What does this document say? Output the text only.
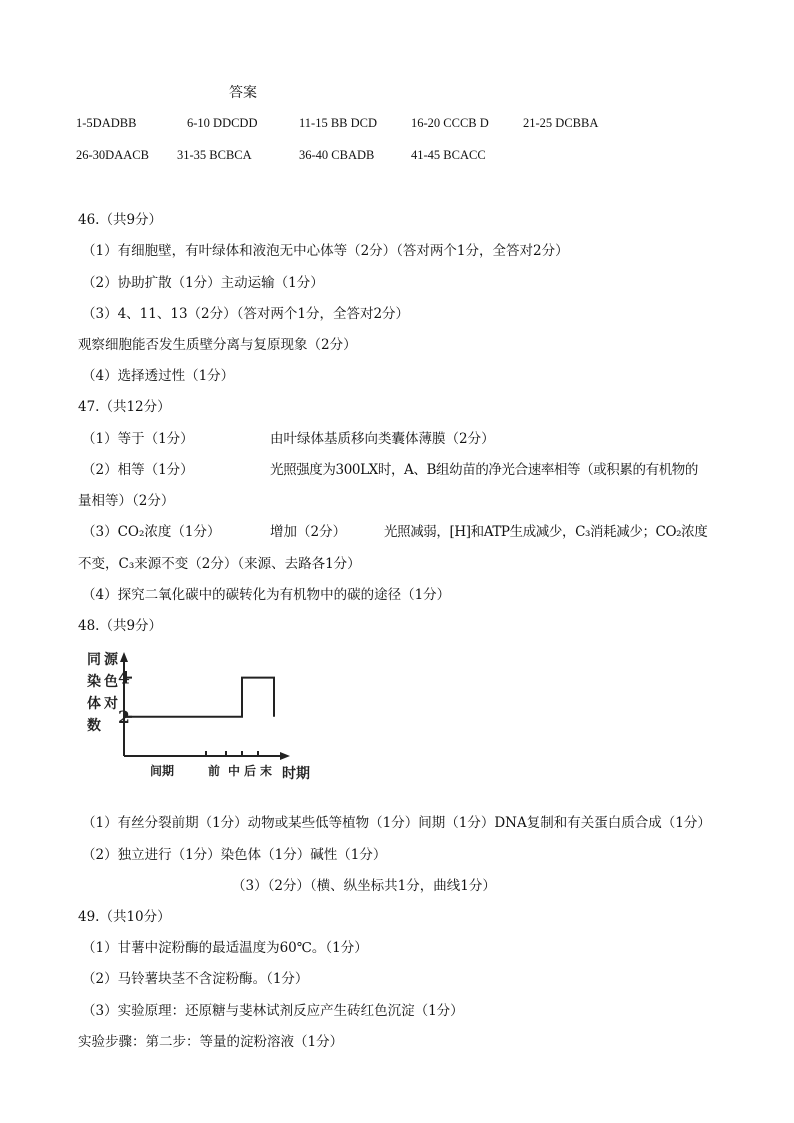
答案
1-5DADBB	6-10 DDCDD	11-15 BB DCD	16-20 CCCB D	21-25 DCBBA
26-30DAACB 31-35 BCBCA	36-40 CBADB	41-45 BCACC
46.（共9分）
（1）有细胞壁，有叶绿体和液泡无中心体等（2分）（答对两个1分，全答对2分）
（2）协助扩散（1分）主动运输（1分）
（3）4、11、13（2分）（答对两个1分，全答对2分）
观察细胞能否发生质壁分离与复原现象（2分）
（4）选择透过性（1分）
47.（共12分）
（1）等于（1分）	由叶绿体基质移向类囊体薄膜（2分）
（2）相等（1分）	光照强度为300LX时，A、B组幼苗的净光合速率相等（或积累的有机物的
量相等）（2分）
（3）CO₂浓度（1分）	增加（2分）	光照减弱，[H]和ATP生成减少，C₃消耗减少；CO₂浓度
不变，C₃来源不变（2分）（来源、去路各1分）
（4）探究二氧化碳中的碳转化为有机物中的碳的途径（1分）
48.（共9分）
同
染
体
数
源
色
对
2
4
间期	前 中 后 末 时期
（1）有丝分裂前期（1分）动物或某些低等植物（1分）间期（1分）DNA复制和有关蛋白质合成（1分）
（2）独立进行（1分）染色体（1分）碱性（1分）
（3）（2分）（横、纵坐标共1分，曲线1分）
49.（共10分）
（1）甘薯中淀粉酶的最适温度为60℃。（1分）
（2）马铃薯块茎不含淀粉酶。（1分）
（3）实验原理：还原糖与斐林试剂反应产生砖红色沉淀（1分）
实验步骤：第二步：等量的淀粉溶液（1分）
